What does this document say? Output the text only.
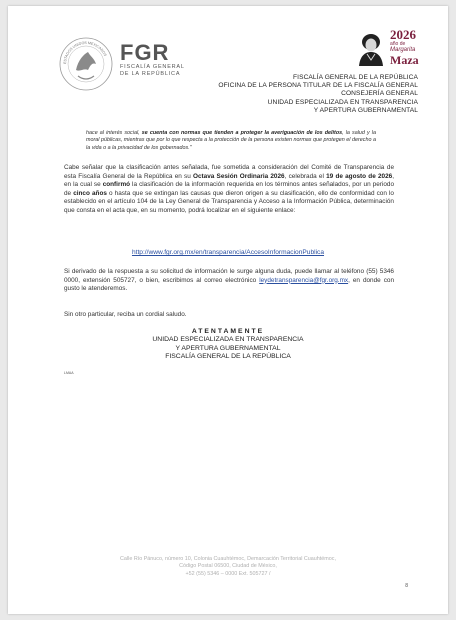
ESTADOS UNIDOS MEXICANOS FGR
FISCALÍA GENERAL
DE LA REPÚBLICA
2026
año de
Margarita
Maza
FISCALÍA GENERAL DE LA REPÚBLICA
OFICINA DE LA PERSONA TITULAR DE LA FISCALÍA GENERAL
CONSEJERÍA GENERAL
UNIDAD ESPECIALIZADA EN TRANSPARENCIA
Y APERTURA GUBERNAMENTAL
hace al interés social, se cuenta con normas que tienden a proteger la averiguación de los delitos, la salud y la moral públicas, mientras que por lo que respecta a la protección de la persona existen normas que protegen el derecho a la vida o a la privacidad de los gobernados."
Cabe señalar que la clasificación antes señalada, fue sometida a consideración del Comité de Transparencia de esta Fiscalía General de la República en su Octava Sesión Ordinaria 2026, celebrada el 19 de agosto de 2026, en la cual se confirmó la clasificación de la información requerida en los términos antes señalados, por un periodo de cinco años o hasta que se extingan las causas que dieron origen a su clasificación, ello de conformidad con lo establecido en el artículo 104 de la Ley General de Transparencia y Acceso a la Información Pública, determinación que consta en el acta que, en su momento, podrá localizar en el siguiente enlace:
http://www.fgr.org.mx/en/transparencia/AccesoInformacionPublica
Si derivado de la respuesta a su solicitud de información le surge alguna duda, puede llamar al teléfono (55) 5346 0000, extensión 505727, o bien, escribimos al correo electrónico leydetransparencia@fgr.org.mx, en donde con gusto le atenderemos.
Sin otro particular, reciba un cordial saludo.
ATENTAMENTE
UNIDAD ESPECIALIZADA EN TRANSPARENCIA
Y APERTURA GUBERNAMENTAL
FISCALÍA GENERAL DE LA REPÚBLICA
LMAA
Calle Río Pánuco, número 10, Colonia Cuauhtémoc, Demarcación Territorial Cuauhtémoc,
Código Postal 06500, Ciudad de México,
+52 (55) 5346 – 0000 Ext. 505727 /
8
